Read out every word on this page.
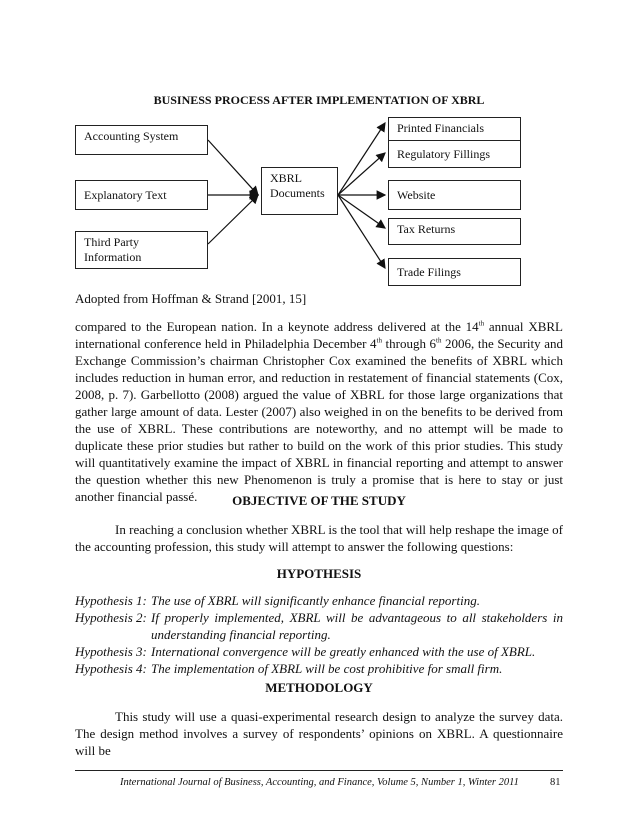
BUSINESS PROCESS AFTER IMPLEMENTATION OF XBRL
Accounting System
Explanatory Text
Third Party Information
XBRL Documents
Printed Financials
Regulatory Fillings
Website
Tax Returns
Trade Filings
Adopted from Hoffman & Strand [2001, 15]

compared to the European nation. In a keynote address delivered at the 14th annual XBRL international conference held in Philadelphia December 4th through 6th 2006, the Security and Exchange Commission’s chairman Christopher Cox examined the benefits of XBRL which includes reduction in human error, and reduction in restatement of financial statements (Cox, 2008, p. 7). Garbellotto (2008) argued the value of XBRL for those large organizations that gather large amount of data. Lester (2007) also weighed in on the benefits to be derived from the use of XBRL. These contributions are noteworthy, and no attempt will be made to duplicate these prior studies but rather to build on the work of this prior studies. This study will quantitatively examine the impact of XBRL in financial reporting and attempt to answer the question whether this new Phenomenon is truly a promise that is here to stay or just another financial passé.	OBJECTIVE OF THE STUDY
In reaching a conclusion whether XBRL is the tool that will help reshape the image of the accounting profession, this study will attempt to answer the following questions:
HYPOTHESIS
Hypothesis 1: The use of XBRL will significantly enhance financial reporting.
Hypothesis 2: If properly implemented, XBRL will be advantageous to all stakeholders in understanding financial reporting.
Hypothesis 3: International convergence will be greatly enhanced with the use of XBRL.
Hypothesis 4: The implementation of XBRL will be cost prohibitive for small firm.
METHODOLOGY
This study will use a quasi-experimental research design to analyze the survey data. The design method involves a survey of respondents’ opinions on XBRL. A questionnaire will be
International Journal of Business, Accounting, and Finance, Volume 5, Number 1, Winter 2011	81
